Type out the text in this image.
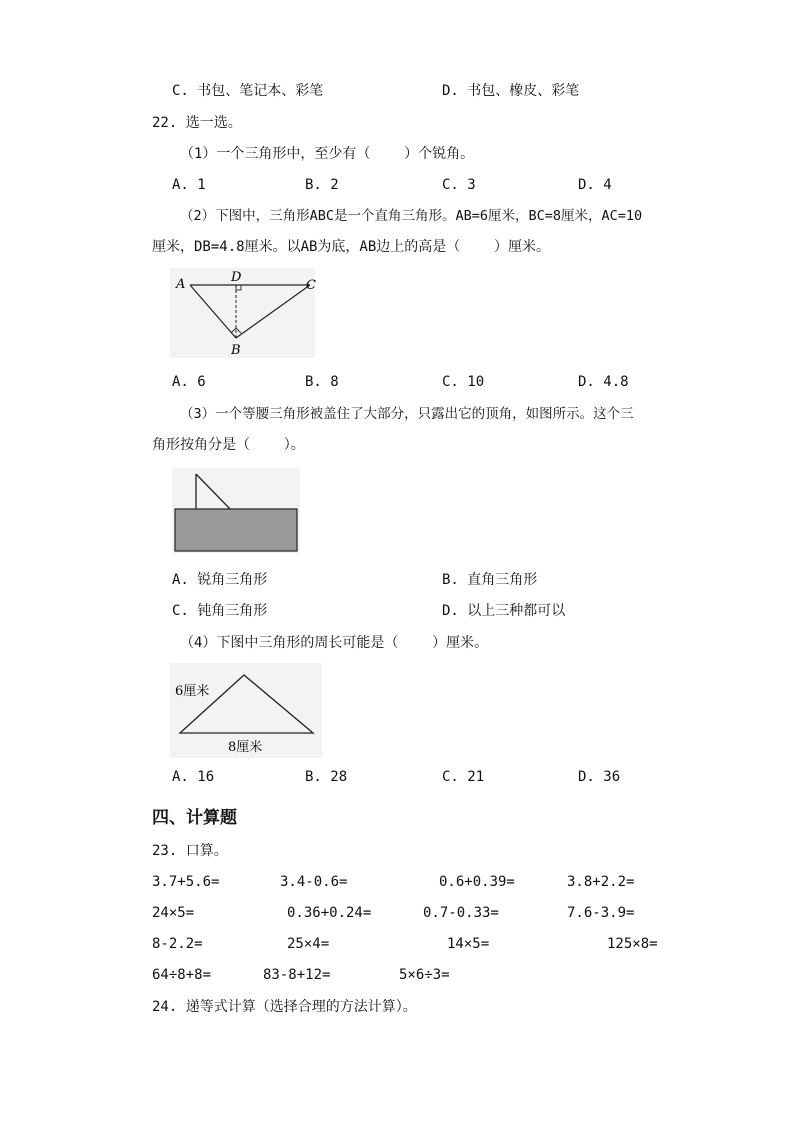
C. 书包、笔记本、彩笔	D. 书包、橡皮、彩笔
22. 选一选。
（1）一个三角形中，至少有（    ）个锐角。
A. 1	B. 2	C. 3	D. 4
（2）下图中，三角形ABC是一个直角三角形。AB=6厘米，BC=8厘米，AC=10
厘米，DB=4.8厘米。以AB为底，AB边上的高是（    ）厘米。
A	D
C
B
A. 6	B. 8	C. 10	D. 4.8
（3）一个等腰三角形被盖住了大部分，只露出它的顶角，如图所示。这个三
角形按角分是（    ）。
A. 锐角三角形	B. 直角三角形
C. 钝角三角形	D. 以上三种都可以
（4）下图中三角形的周长可能是（    ）厘米。
6厘米
8厘米
A. 16	B. 28	C. 21	D. 36
四、计算题
23. 口算。
3.7+5.6=	3.4-0.6=	0.6+0.39=	3.8+2.2=
24×5=	0.36+0.24=	0.7-0.33=	7.6-3.9=
8-2.2=	25×4=	14×5=	125×8=
64÷8+8=	83-8+12=	5×6÷3=
24. 递等式计算（选择合理的方法计算）。
